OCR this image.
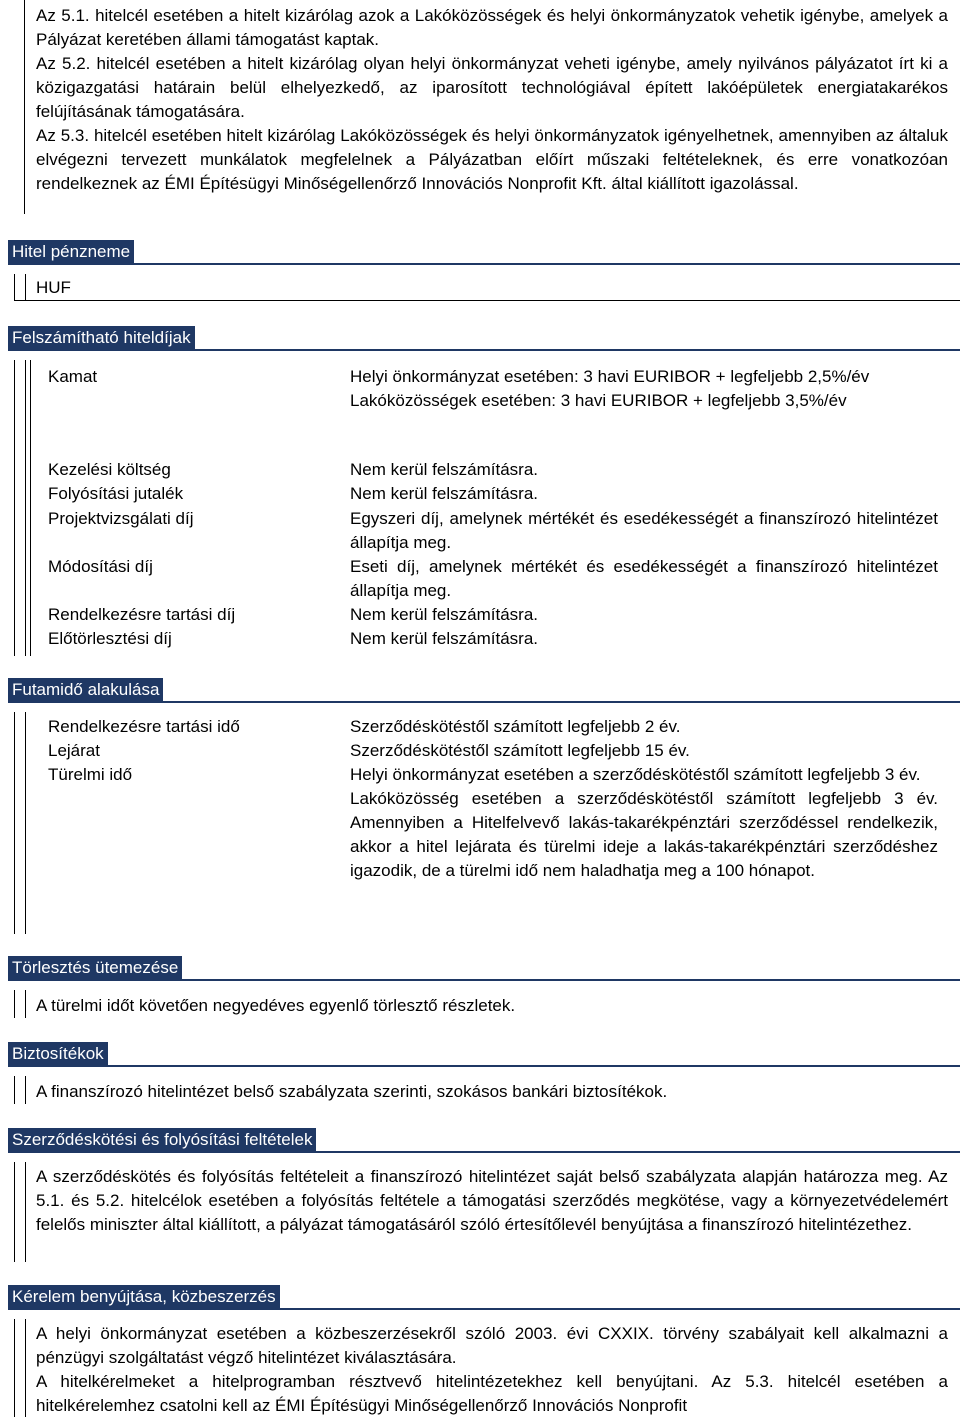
Az 5.1. hitelcél esetében a hitelt kizárólag azok a Lakóközösségek és helyi önkormányzatok vehetik igénybe, amelyek a Pályázat keretében állami támogatást kaptak.

Az 5.2. hitelcél esetében a hitelt kizárólag olyan helyi önkormányzat veheti igénybe, amely nyilvános pályázatot írt ki a közigazgatási határain belül elhelyezkedő, az iparosított technológiával épített lakóépületek energiatakarékos felújításának támogatására.

Az 5.3. hitelcél esetében hitelt kizárólag Lakóközösségek és helyi önkormányzatok igényelhetnek, amennyiben az általuk elvégezni tervezett munkálatok megfelelnek a Pályázatban előírt műszaki feltételeknek, és erre vonatkozóan rendelkeznek az ÉMI Építésügyi Minőségellenőrző Innovációs Nonprofit Kft. által kiállított igazolással.

Hitel pénzneme
HUF
Felszámítható hiteldíjak
Kamat	Helyi önkormányzat esetében: 3 havi EURIBOR + legfeljebb 2,5%/év

Lakóközösségek esetében: 3 havi EURIBOR + legfeljebb 3,5%/év

Kezelési költség	Nem kerül felszámításra.
Folyósítási jutalék	Nem kerül felszámításra.
Projektvizsgálati díj	Egyszeri díj, amelynek mértékét és esedékességét a finanszírozó hitelintézet állapítja meg.
Módosítási díj	Eseti díj, amelynek mértékét és esedékességét a finanszírozó hitelintézet állapítja meg.
Rendelkezésre tartási díj	Nem kerül felszámításra.
Előtörlesztési díj	Nem kerül felszámításra.
Futamidő alakulása
Rendelkezésre tartási idő	Szerződéskötéstől számított legfeljebb 2 év.
Lejárat	Szerződéskötéstől számított legfeljebb 15 év.
Türelmi idő	Helyi önkormányzat esetében a szerződéskötéstől számított legfeljebb 3 év.

Lakóközösség esetében a szerződéskötéstől számított legfeljebb 3 év. Amennyiben a Hitelfelvevő lakás-takarékpénztári szerződéssel rendelkezik, akkor a hitel lejárata és türelmi ideje a lakás-takarékpénztári szerződéshez igazodik, de a türelmi idő nem haladhatja meg a 100 hónapot.

Törlesztés ütemezése
A türelmi időt követően negyedéves egyenlő törlesztő részletek.
Biztosítékok
A finanszírozó hitelintézet belső szabályzata szerinti, szokásos bankári biztosítékok.
Szerződéskötési és folyósítási feltételek
A szerződéskötés és folyósítás feltételeit a finanszírozó hitelintézet saját belső szabályzata alapján határozza meg. Az 5.1. és 5.2. hitelcélok esetében a folyósítás feltétele a támogatási szerződés megkötése, vagy a környezetvédelemért felelős miniszter által kiállított, a pályázat támogatásáról szóló értesítőlevél benyújtása a finanszírozó hitelintézethez.
Kérelem benyújtása, közbeszerzés

A helyi önkormányzat esetében a közbeszerzésekről szóló 2003. évi CXXIX. törvény szabályait kell alkalmazni a pénzügyi szolgáltatást végző hitelintézet kiválasztására.

A hitelkérelmeket a hitelprogramban résztvevő hitelintézetekhez kell benyújtani. Az 5.3. hitelcél esetében a hitelkérelemhez csatolni kell az ÉMI Építésügyi Minőségellenőrző Innovációs Nonprofit
